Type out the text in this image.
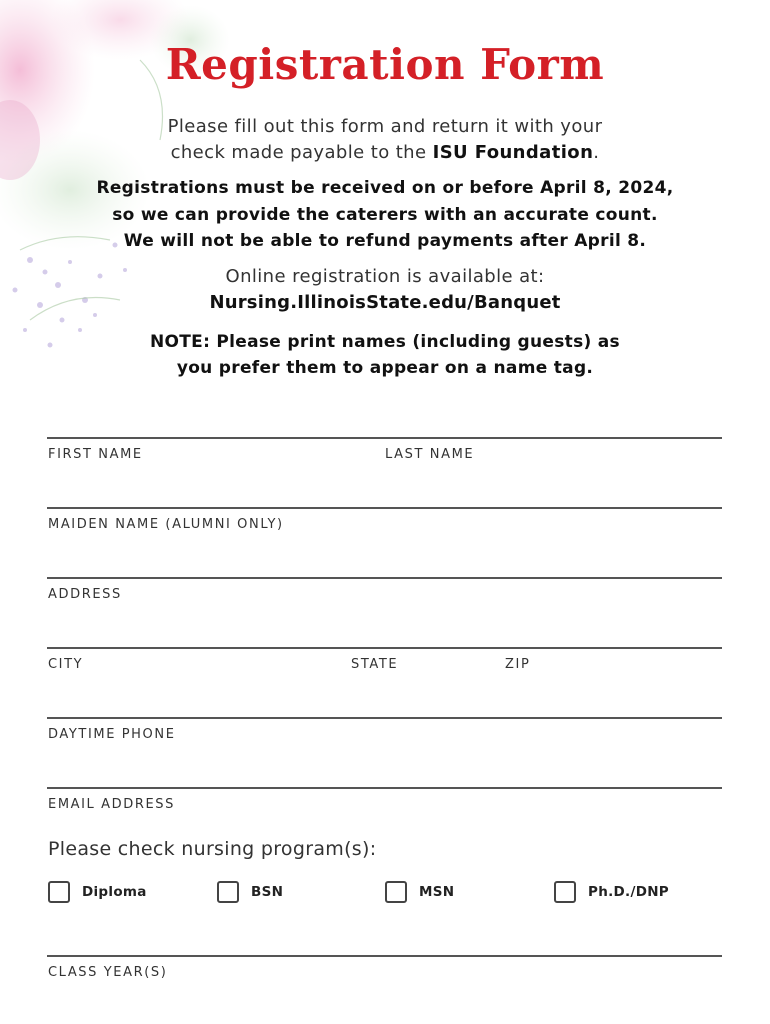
Registration Form
Please fill out this form and return it with your
check made payable to the ISU Foundation.
Registrations must be received on or before April 8, 2024,
so we can provide the caterers with an accurate count.
We will not be able to refund payments after April 8.
Online registration is available at:
Nursing.IllinoisState.edu/Banquet
NOTE: Please print names (including guests) as
you prefer them to appear on a name tag.
FIRST NAME	LAST NAME
MAIDEN NAME (ALUMNI ONLY)
ADDRESS
CITY	STATE	ZIP
DAYTIME PHONE
EMAIL ADDRESS
Please check nursing program(s):
Diploma	BSN	MSN	Ph.D./DNP
CLASS YEAR(S)
